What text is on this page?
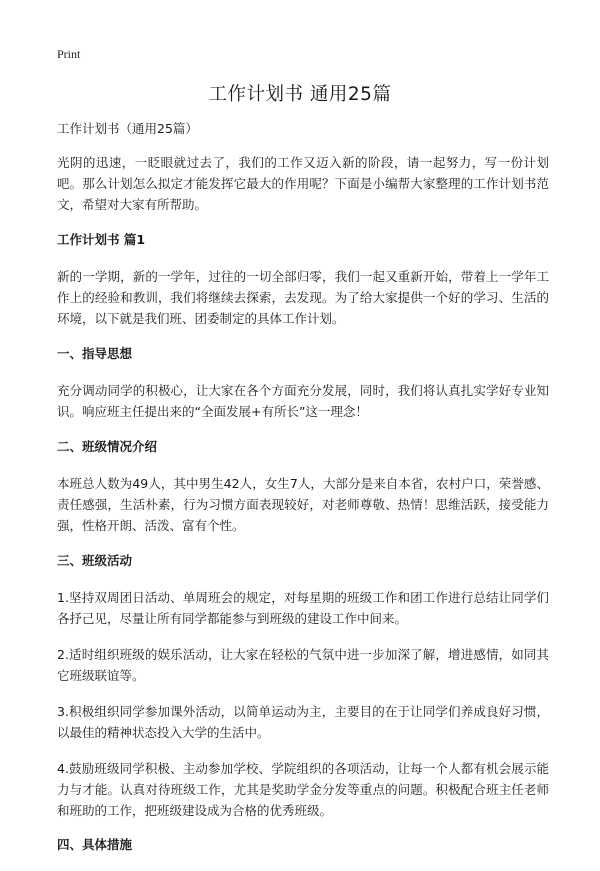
Print
工作计划书 通用25篇
工作计划书（通用25篇）

光阴的迅速，一眨眼就过去了，我们的工作又迈入新的阶段，请一起努力，写一份计划吧。那么计划怎么拟定才能发挥它最大的作用呢？下面是小编帮大家整理的工作计划书范文，希望对大家有所帮助。

工作计划书 篇1

新的一学期，新的一学年，过往的一切全部归零，我们一起又重新开始，带着上一学年工作上的经验和教训，我们将继续去探索，去发现。为了给大家提供一个好的学习、生活的环境，以下就是我们班、团委制定的具体工作计划。

一、指导思想

充分调动同学的积极心，让大家在各个方面充分发展，同时，我们将认真扎实学好专业知识。响应班主任提出来的“全面发展+有所长”这一理念！

二、班级情况介绍

本班总人数为49人，其中男生42人，女生7人，大部分是来自本省，农村户口，荣誉感、责任感强，生活朴素，行为习惯方面表现较好，对老师尊敬、热情！思维活跃，接受能力强，性格开朗、活泼、富有个性。

三、班级活动

1.坚持双周团日活动、单周班会的规定，对每星期的班级工作和团工作进行总结让同学们各抒己见，尽量让所有同学都能参与到班级的建设工作中间来。

2.适时组织班级的娱乐活动，让大家在轻松的气氛中进一步加深了解，增进感情，如同其它班级联谊等。

3.积极组织同学参加课外活动，以简单运动为主，主要目的在于让同学们养成良好习惯，以最佳的精神状态投入大学的生活中。

4.鼓励班级同学积极、主动参加学校、学院组织的各项活动，让每一个人都有机会展示能力与才能。认真对待班级工作，尤其是奖助学金分发等重点的问题。积极配合班主任老师和班助的工作，把班级建设成为合格的优秀班级。

四、具体措施
